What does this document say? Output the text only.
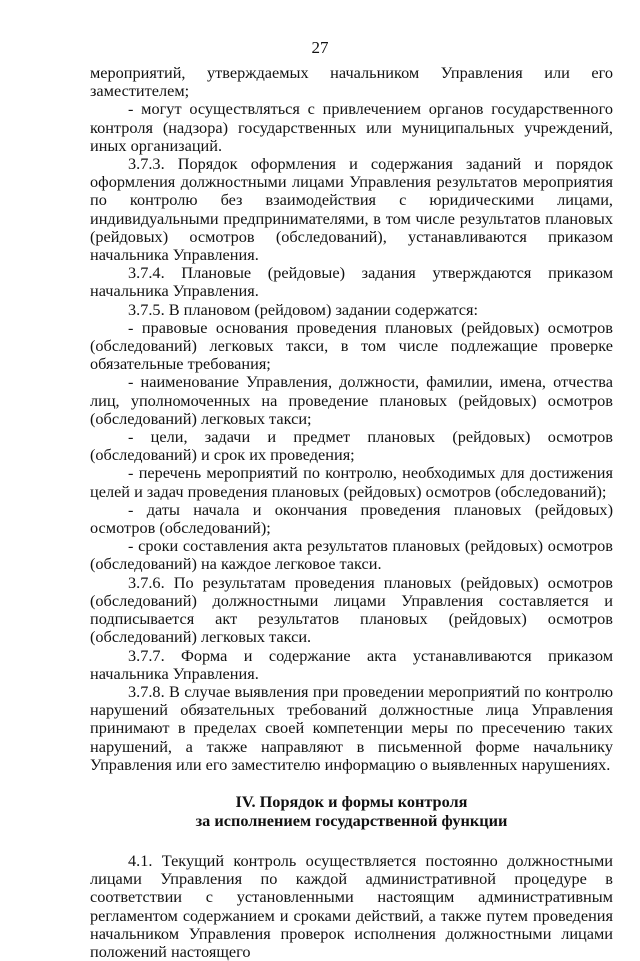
27

мероприятий, утверждаемых начальником Управления или его заместителем;

- могут осуществляться с привлечением органов государственного контроля (надзора) государственных или муниципальных учреждений, иных организаций.

3.7.3. Порядок оформления и содержания заданий и порядок оформления должностными лицами Управления результатов мероприятия по контролю без взаимодействия с юридическими лицами, индивидуальными предпринимателями, в том числе результатов плановых (рейдовых) осмотров (обследований), устанавливаются приказом начальника Управления.

3.7.4. Плановые (рейдовые) задания утверждаются приказом начальника Управления.

3.7.5. В плановом (рейдовом) задании содержатся:

- правовые основания проведения плановых (рейдовых) осмотров (обследований) легковых такси, в том числе подлежащие проверке обязательные требования;

- наименование Управления, должности, фамилии, имена, отчества лиц, уполномоченных на проведение плановых (рейдовых) осмотров (обследований) легковых такси;

- цели, задачи и предмет плановых (рейдовых) осмотров (обследований) и срок их проведения;

- перечень мероприятий по контролю, необходимых для достижения целей и задач проведения плановых (рейдовых) осмотров (обследований);

- даты начала и окончания проведения плановых (рейдовых) осмотров (обследований);

- сроки составления акта результатов плановых (рейдовых) осмотров (обследований) на каждое легковое такси.

3.7.6. По результатам проведения плановых (рейдовых) осмотров (обследований) должностными лицами Управления составляется и подписывается акт результатов плановых (рейдовых) осмотров (обследований) легковых такси.

3.7.7. Форма и содержание акта устанавливаются приказом начальника Управления.

3.7.8. В случае выявления при проведении мероприятий по контролю нарушений обязательных требований должностные лица Управления принимают в пределах своей компетенции меры по пресечению таких нарушений, а также направляют в письменной форме начальнику Управления или его заместителю информацию о выявленных нарушениях.

IV. Порядок и формы контроля
за исполнением государственной функции

4.1. Текущий контроль осуществляется постоянно должностными лицами Управления по каждой административной процедуре в соответствии с установленными настоящим административным регламентом содержанием и сроками действий, а также путем проведения начальником Управления проверок исполнения должностными лицами положений настоящего
